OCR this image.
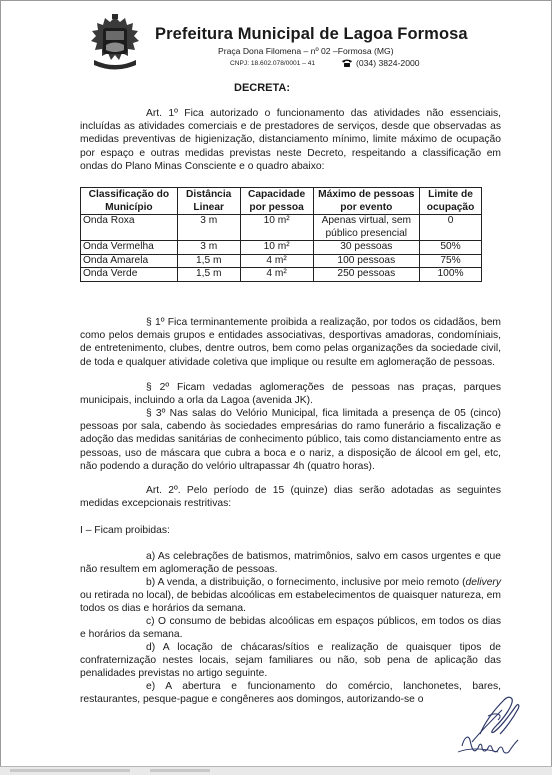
Prefeitura Municipal de Lagoa Formosa
Praça Dona Filomena – nº 02 –Formosa (MG)
CNPJ: 18.602.078/0001 – 41	(034) 3824-2000
DECRETA:

Art. 1º Fica autorizado o funcionamento das atividades não essenciais, incluídas as atividades comerciais e de prestadores de serviços, desde que observadas as medidas preventivas de higienização, distanciamento mínimo, limite máximo de ocupação por espaço e outras medidas previstas neste Decreto, respeitando a classificação em ondas do Plano Minas Consciente e o quadro abaixo:

Classificação do Município	Distância Linear	Capacidade por pessoa	Máximo de pessoas por evento	Limite de ocupação
Onda Roxa	3 m	10 m²	Apenas virtual, sem público presencial	0
Onda Vermelha	3 m	10 m²	30 pessoas	50%
Onda Amarela	1,5 m	4 m²	100 pessoas	75%
Onda Verde	1,5 m	4 m²	250 pessoas	100%

§ 1º Fica terminantemente proibida a realização, por todos os cidadãos, bem como pelos demais grupos e entidades associativas, desportivas amadoras, condomíniais, de entretenimento, clubes, dentre outros, bem como pelas organizações da sociedade civil, de toda e qualquer atividade coletiva que implique ou resulte em aglomeração de pessoas.

§ 2º Ficam vedadas aglomerações de pessoas nas praças, parques municipais, incluindo a orla da Lagoa (avenida JK).

§ 3º Nas salas do Velório Municipal, fica limitada a presença de 05 (cinco) pessoas por sala, cabendo às sociedades empresárias do ramo funerário a fiscalização e adoção das medidas sanitárias de conhecimento público, tais como distanciamento entre as pessoas, uso de máscara que cubra a boca e o nariz, a disposição de álcool em gel, etc, não podendo a duração do velório ultrapassar 4h (quatro horas).

Art. 2º. Pelo período de 15 (quinze) dias serão adotadas as seguintes medidas excepcionais restritivas:

I – Ficam proibidas:

a) As celebrações de batismos, matrimônios, salvo em casos urgentes e que não resultem em aglomeração de pessoas.

b) A venda, a distribuição, o fornecimento, inclusive por meio remoto (delivery ou retirada no local), de bebidas alcoólicas em estabelecimentos de quaisquer natureza, em todos os dias e horários da semana.

c) O consumo de bebidas alcoólicas em espaços públicos, em todos os dias e horários da semana.

d) A locação de chácaras/sítios e realização de quaisquer tipos de confraternização nestes locais, sejam familiares ou não, sob pena de aplicação das penalidades previstas no artigo seguinte.

e) A abertura e funcionamento do comércio, lanchonetes, bares, restaurantes, pesque-pague e congêneres aos domingos, autorizando-se o
